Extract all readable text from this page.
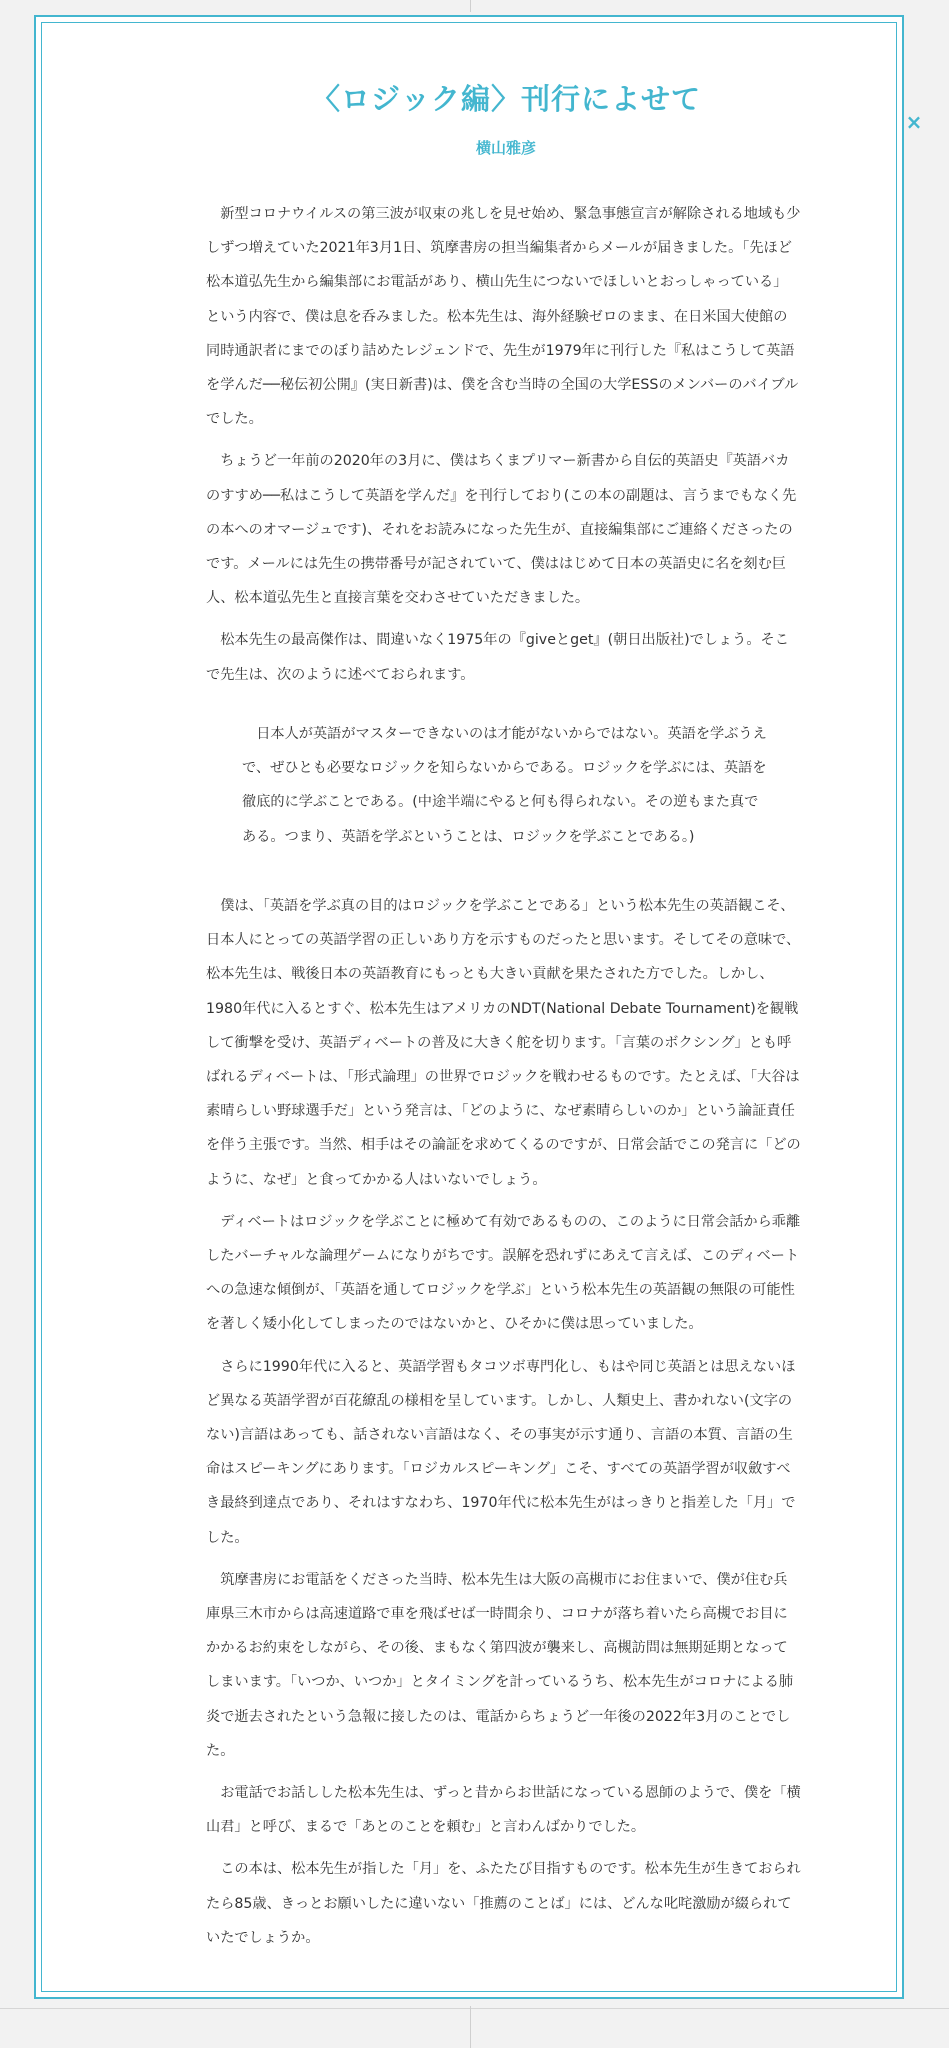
×
〈ロジック編〉刊行によせて
横山雅彦

新型コロナウイルスの第三波が収束の兆しを見せ始め、緊急事態宣言が解除される地域も少しずつ増えていた2021年3月1日、筑摩書房の担当編集者からメールが届きました。「先ほど松本道弘先生から編集部にお電話があり、横山先生につないでほしいとおっしゃっている」という内容で、僕は息を呑みました。松本先生は、海外経験ゼロのまま、在日米国大使館の同時通訳者にまでのぼり詰めたレジェンドで、先生が1979年に刊行した『私はこうして英語を学んだ──秘伝初公開』(実日新書)は、僕を含む当時の全国の大学ESSのメンバーのバイブルでした。

ちょうど一年前の2020年の3月に、僕はちくまプリマー新書から自伝的英語史『英語バカのすすめ──私はこうして英語を学んだ』を刊行しており(この本の副題は、言うまでもなく先の本へのオマージュです)、それをお読みになった先生が、直接編集部にご連絡くださったのです。メールには先生の携帯番号が記されていて、僕ははじめて日本の英語史に名を刻む巨人、松本道弘先生と直接言葉を交わさせていただきました。

松本先生の最高傑作は、間違いなく1975年の『giveとget』(朝日出版社)でしょう。そこで先生は、次のように述べておられます。

日本人が英語がマスターできないのは才能がないからではない。英語を学ぶうえで、ぜひとも必要なロジックを知らないからである。ロジックを学ぶには、英語を徹底的に学ぶことである。(中途半端にやると何も得られない。その逆もまた真である。つまり、英語を学ぶということは、ロジックを学ぶことである。)

僕は、「英語を学ぶ真の目的はロジックを学ぶことである」という松本先生の英語観こそ、日本人にとっての英語学習の正しいあり方を示すものだったと思います。そしてその意味で、松本先生は、戦後日本の英語教育にもっとも大きい貢献を果たされた方でした。しかし、1980年代に入るとすぐ、松本先生はアメリカのNDT(National Debate Tournament)を観戦して衝撃を受け、英語ディベートの普及に大きく舵を切ります。「言葉のボクシング」とも呼ばれるディベートは、「形式論理」の世界でロジックを戦わせるものです。たとえば、「大谷は素晴らしい野球選手だ」という発言は、「どのように、なぜ素晴らしいのか」という論証責任を伴う主張です。当然、相手はその論証を求めてくるのですが、日常会話でこの発言に「どのように、なぜ」と食ってかかる人はいないでしょう。

ディベートはロジックを学ぶことに極めて有効であるものの、このように日常会話から乖離したバーチャルな論理ゲームになりがちです。誤解を恐れずにあえて言えば、このディベートへの急速な傾倒が、「英語を通してロジックを学ぶ」という松本先生の英語観の無限の可能性を著しく矮小化してしまったのではないかと、ひそかに僕は思っていました。

さらに1990年代に入ると、英語学習もタコツボ専門化し、もはや同じ英語とは思えないほど異なる英語学習が百花繚乱の様相を呈しています。しかし、人類史上、書かれない(文字のない)言語はあっても、話されない言語はなく、その事実が示す通り、言語の本質、言語の生命はスピーキングにあります。「ロジカルスピーキング」こそ、すべての英語学習が収斂すべき最終到達点であり、それはすなわち、1970年代に松本先生がはっきりと指差した「月」でした。

筑摩書房にお電話をくださった当時、松本先生は大阪の高槻市にお住まいで、僕が住む兵庫県三木市からは高速道路で車を飛ばせば一時間余り、コロナが落ち着いたら高槻でお目にかかるお約束をしながら、その後、まもなく第四波が襲来し、高槻訪問は無期延期となってしまいます。「いつか、いつか」とタイミングを計っているうち、松本先生がコロナによる肺炎で逝去されたという急報に接したのは、電話からちょうど一年後の2022年3月のことでした。

お電話でお話しした松本先生は、ずっと昔からお世話になっている恩師のようで、僕を「横山君」と呼び、まるで「あとのことを頼む」と言わんばかりでした。

この本は、松本先生が指した「月」を、ふたたび目指すものです。松本先生が生きておられたら85歳、きっとお願いしたに違いない「推薦のことば」には、どんな叱咤激励が綴られていたでしょうか。
